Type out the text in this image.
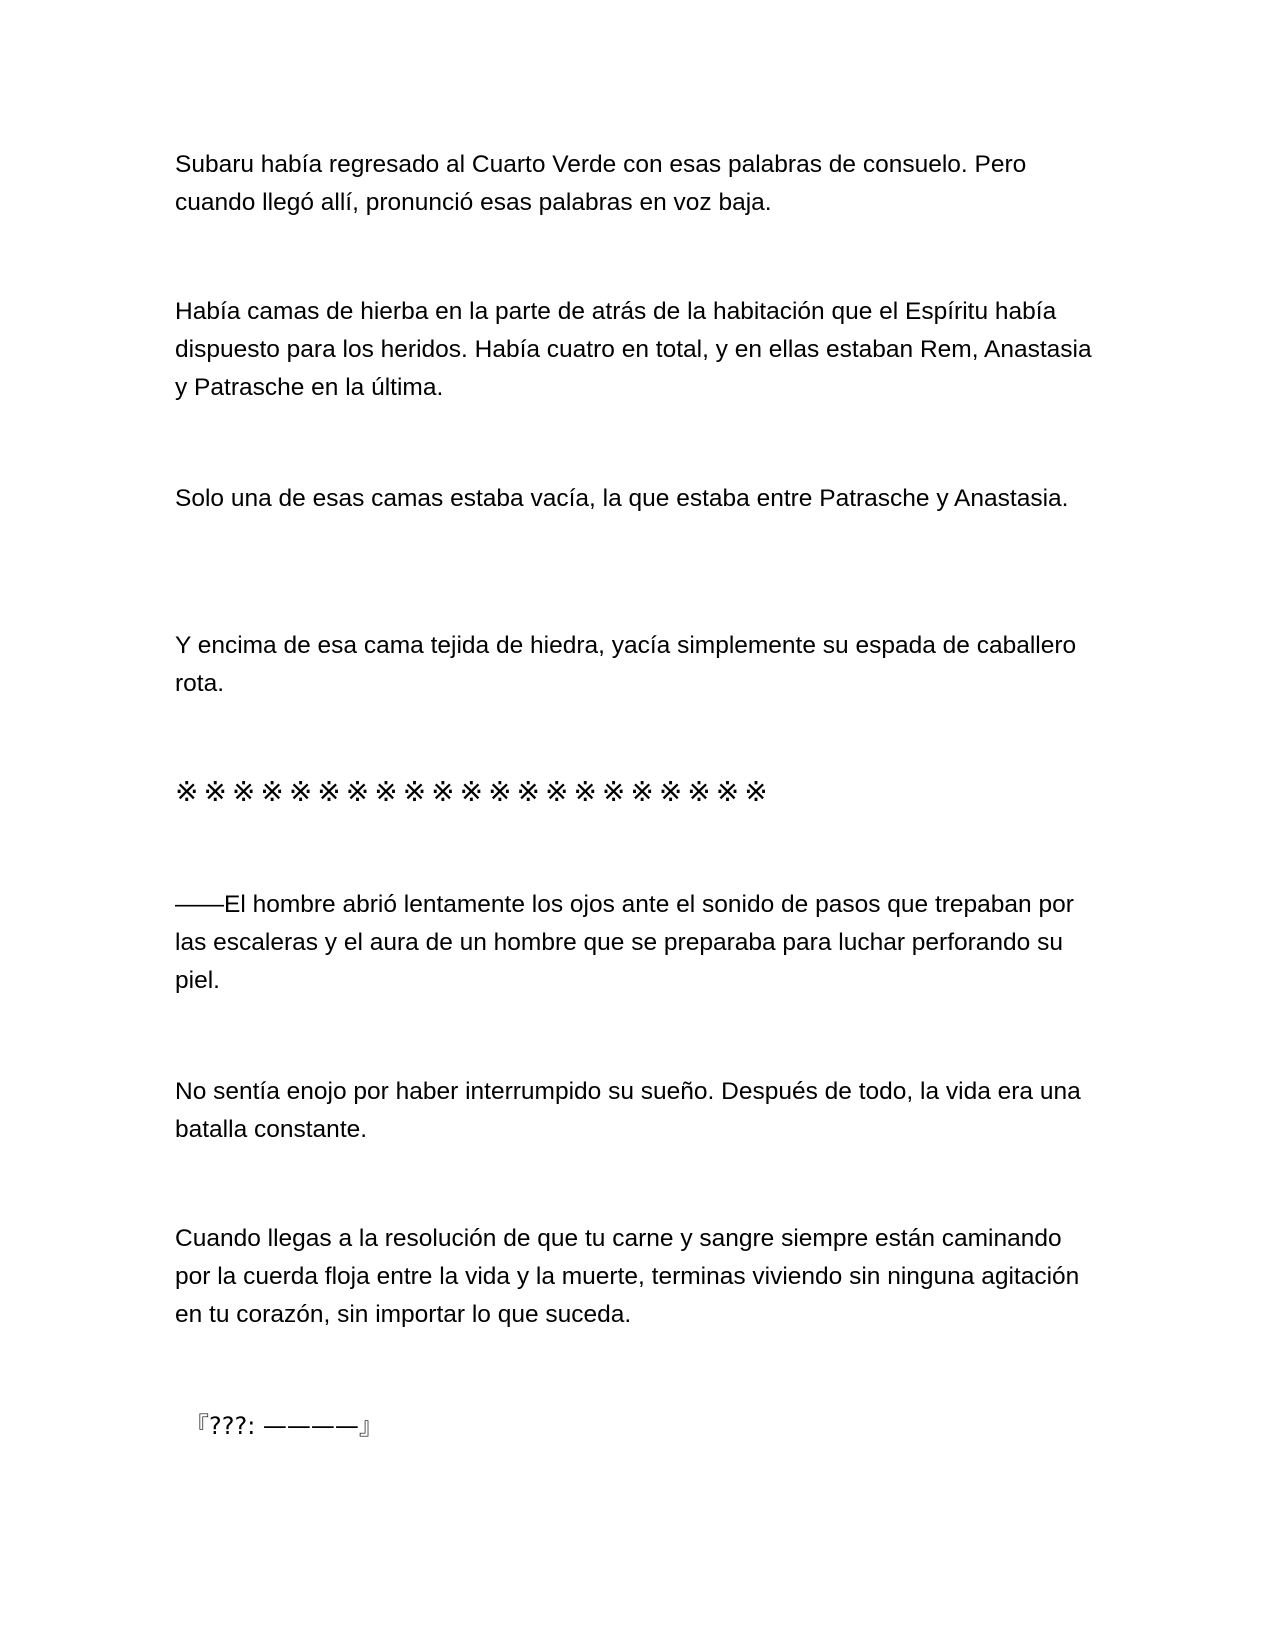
Subaru había regresado al Cuarto Verde con esas palabras de consuelo. Pero cuando llegó allí, pronunció esas palabras en voz baja.

Había camas de hierba en la parte de atrás de la habitación que el Espíritu había dispuesto para los heridos. Había cuatro en total, y en ellas estaban Rem, Anastasia y Patrasche en la última.

Solo una de esas camas estaba vacía, la que estaba entre Patrasche y Anastasia.

Y encima de esa cama tejida de hiedra, yacía simplemente su espada de caballero rota.

※※※※※※※※※※※※※※※※※※※※※

——El hombre abrió lentamente los ojos ante el sonido de pasos que trepaban por las escaleras y el aura de un hombre que se preparaba para luchar perforando su piel.

No sentía enojo por haber interrumpido su sueño. Después de todo, la vida era una batalla constante.

Cuando llegas a la resolución de que tu carne y sangre siempre están caminando por la cuerda floja entre la vida y la muerte, terminas viviendo sin ninguna agitación en tu corazón, sin importar lo que suceda.

『???: ————』
